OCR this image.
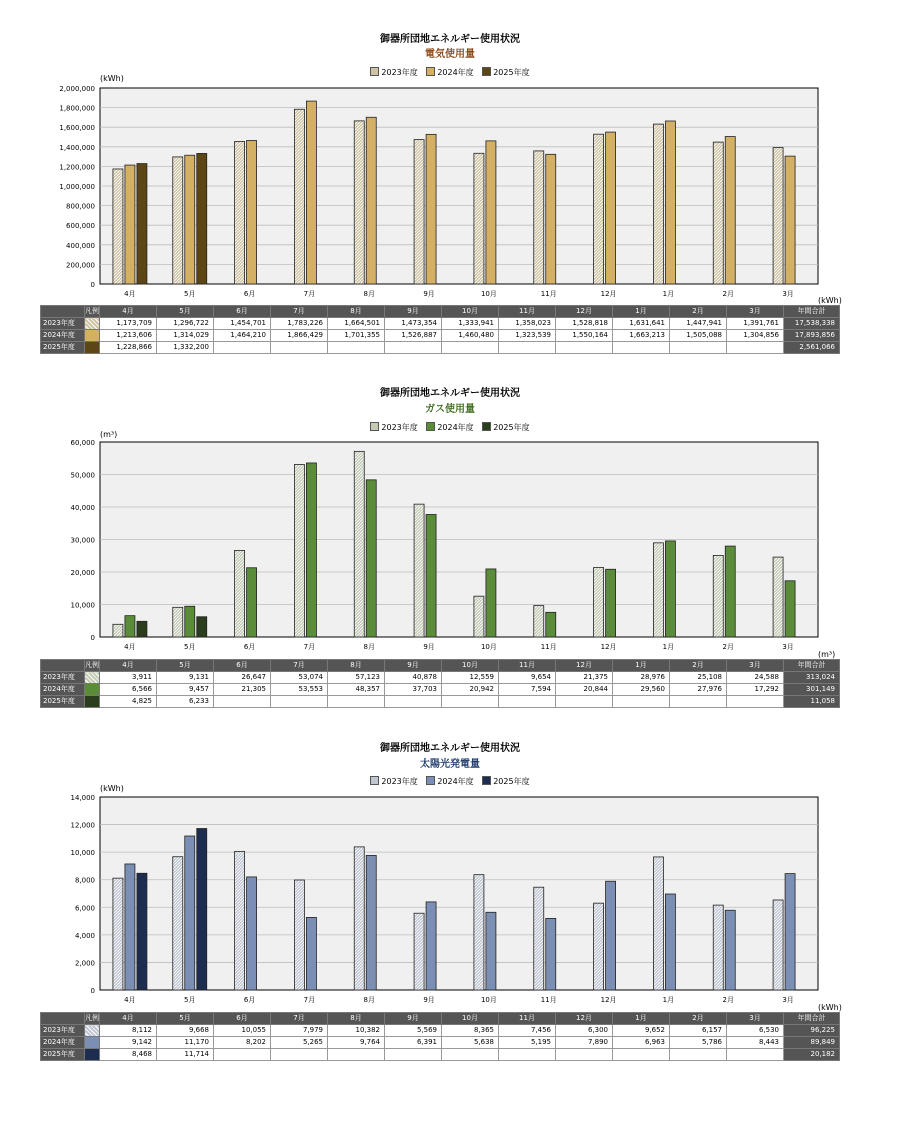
御器所団地エネルギー使用状況
電気使用量
2023年度 2024年度 2025年度
(kWh)
0
200,000
400,000
600,000
800,000
1,000,000
1,200,000
1,400,000
1,600,000
1,800,000
2,000,000
4月	5月	6月	7月	8月	9月	10月	11月	12月	1月	2月	3月
(kWh)
	凡例	4月	5月	6月	7月	8月	9月	10月	11月	12月	1月	2月	3月	年間合計
2023年度		1,173,709	1,296,722	1,454,701	1,783,226	1,664,501	1,473,354	1,333,941	1,358,023	1,528,818	1,631,641	1,447,941	1,391,761	17,538,338
2024年度		1,213,606	1,314,029	1,464,210	1,866,429	1,701,355	1,526,887	1,460,480	1,323,539	1,550,164	1,663,213	1,505,088	1,304,856	17,893,856
2025年度		1,228,866	1,332,200											2,561,066
御器所団地エネルギー使用状況
ガス使用量
2023年度 2024年度 2025年度
(m³)
0
10,000
20,000
30,000
40,000
50,000
60,000
4月	5月	6月	7月	8月	9月	10月	11月	12月	1月	2月	3月
(m³)
	凡例	4月	5月	6月	7月	8月	9月	10月	11月	12月	1月	2月	3月	年間合計
2023年度		3,911	9,131	26,647	53,074	57,123	40,878	12,559	9,654	21,375	28,976	25,108	24,588	313,024
2024年度		6,566	9,457	21,305	53,553	48,357	37,703	20,942	7,594	20,844	29,560	27,976	17,292	301,149
2025年度		4,825	6,233											11,058
御器所団地エネルギー使用状況
太陽光発電量
2023年度 2024年度 2025年度
(kWh)
0
2,000
4,000
6,000
8,000
10,000
12,000
14,000
4月	5月	6月	7月	8月	9月	10月	11月	12月	1月	2月	3月
(kWh)
	凡例	4月	5月	6月	7月	8月	9月	10月	11月	12月	1月	2月	3月	年間合計
2023年度		8,112	9,668	10,055	7,979	10,382	5,569	8,365	7,456	6,300	9,652	6,157	6,530	96,225
2024年度		9,142	11,170	8,202	5,265	9,764	6,391	5,638	5,195	7,890	6,963	5,786	8,443	89,849
2025年度		8,468	11,714											20,182
